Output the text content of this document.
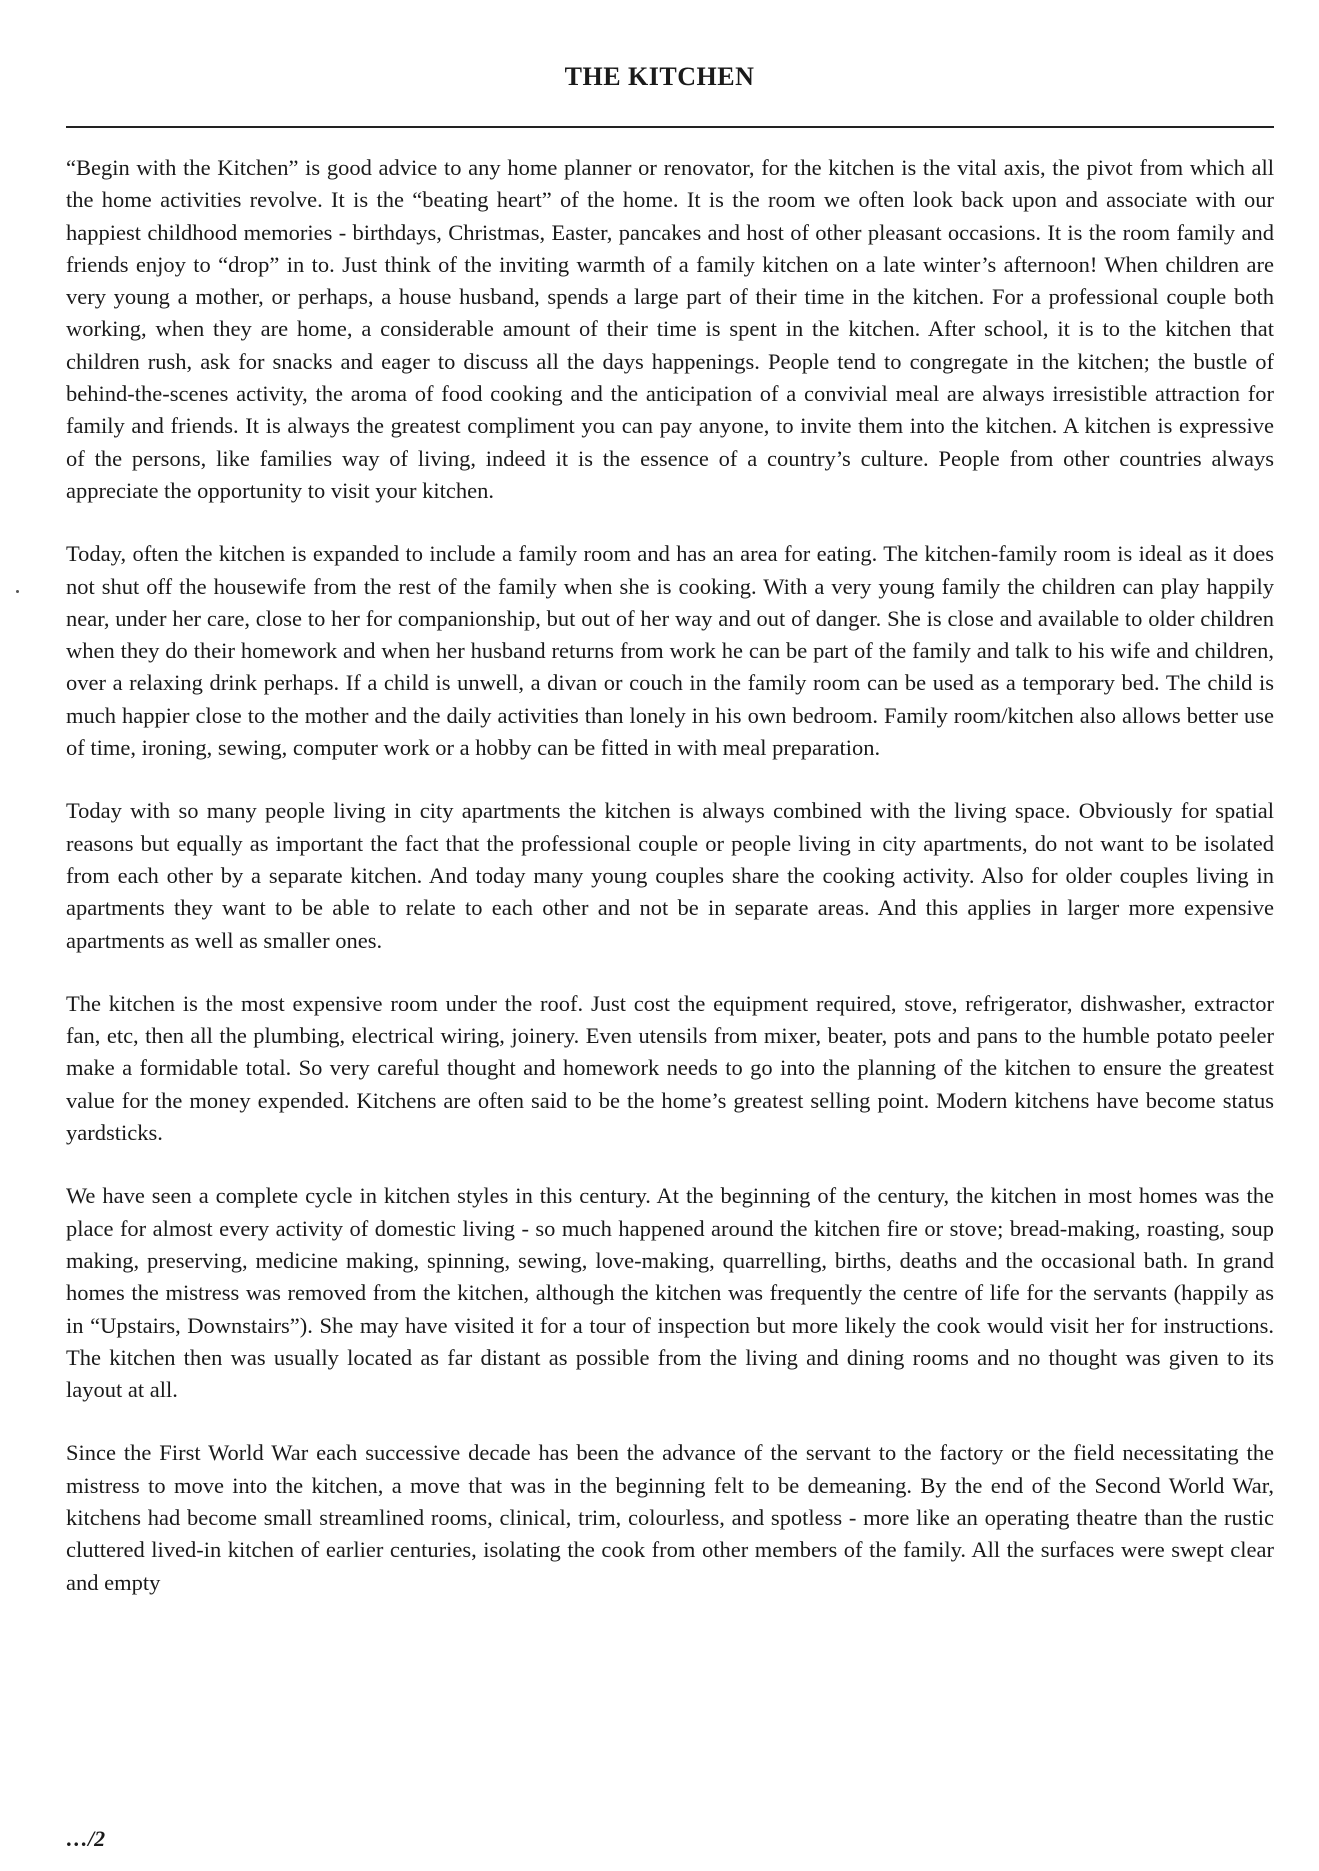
THE KITCHEN

“Begin with the Kitchen” is good advice to any home planner or renovator, for the kitchen is the vital axis, the pivot from which all the home activities revolve. It is the “beating heart” of the home. It is the room we often look back upon and associate with our happiest childhood memories - birthdays, Christmas, Easter, pancakes and host of other pleasant occasions. It is the room family and friends enjoy to “drop” in to. Just think of the inviting warmth of a family kitchen on a late winter’s afternoon! When children are very young a mother, or perhaps, a house husband, spends a large part of their time in the kitchen. For a professional couple both working, when they are home, a considerable amount of their time is spent in the kitchen. After school, it is to the kitchen that children rush, ask for snacks and eager to discuss all the days happenings. People tend to congregate in the kitchen; the bustle of behind-the-scenes activity, the aroma of food cooking and the anticipation of a convivial meal are always irresistible attraction for family and friends. It is always the greatest compliment you can pay anyone, to invite them into the kitchen. A kitchen is expressive of the persons, like families way of living, indeed it is the essence of a country’s culture. People from other countries always appreciate the opportunity to visit your kitchen.

Today, often the kitchen is expanded to include a family room and has an area for eating. The kitchen-family room is ideal as it does not shut off the housewife from the rest of the family when she is cooking. With a very young family the children can play happily near, under her care, close to her for companionship, but out of her way and out of danger. She is close and available to older children when they do their homework and when her husband returns from work he can be part of the family and talk to his wife and children, over a relaxing drink perhaps. If a child is unwell, a divan or couch in the family room can be used as a temporary bed. The child is much happier close to the mother and the daily activities than lonely in his own bedroom. Family room/kitchen also allows better use of time, ironing, sewing, computer work or a hobby can be fitted in with meal preparation.

Today with so many people living in city apartments the kitchen is always combined with the living space. Obviously for spatial reasons but equally as important the fact that the professional couple or people living in city apartments, do not want to be isolated from each other by a separate kitchen. And today many young couples share the cooking activity. Also for older couples living in apartments they want to be able to relate to each other and not be in separate areas. And this applies in larger more expensive apartments as well as smaller ones.

The kitchen is the most expensive room under the roof. Just cost the equipment required, stove, refrigerator, dishwasher, extractor fan, etc, then all the plumbing, electrical wiring, joinery. Even utensils from mixer, beater, pots and pans to the humble potato peeler make a formidable total. So very careful thought and homework needs to go into the planning of the kitchen to ensure the greatest value for the money expended. Kitchens are often said to be the home’s greatest selling point. Modern kitchens have become status yardsticks.

We have seen a complete cycle in kitchen styles in this century. At the beginning of the century, the kitchen in most homes was the place for almost every activity of domestic living - so much happened around the kitchen fire or stove; bread-making, roasting, soup making, preserving, medicine making, spinning, sewing, love-making, quarrelling, births, deaths and the occasional bath. In grand homes the mistress was removed from the kitchen, although the kitchen was frequently the centre of life for the servants (happily as in “Upstairs, Downstairs”). She may have visited it for a tour of inspection but more likely the cook would visit her for instructions. The kitchen then was usually located as far distant as possible from the living and dining rooms and no thought was given to its layout at all.

Since the First World War each successive decade has been the advance of the servant to the factory or the field necessitating the mistress to move into the kitchen, a move that was in the beginning felt to be demeaning. By the end of the Second World War, kitchens had become small streamlined rooms, clinical, trim, colourless, and spotless - more like an operating theatre than the rustic cluttered lived-in kitchen of earlier centuries, isolating the cook from other members of the family. All the surfaces were swept clear and empty

…/2
